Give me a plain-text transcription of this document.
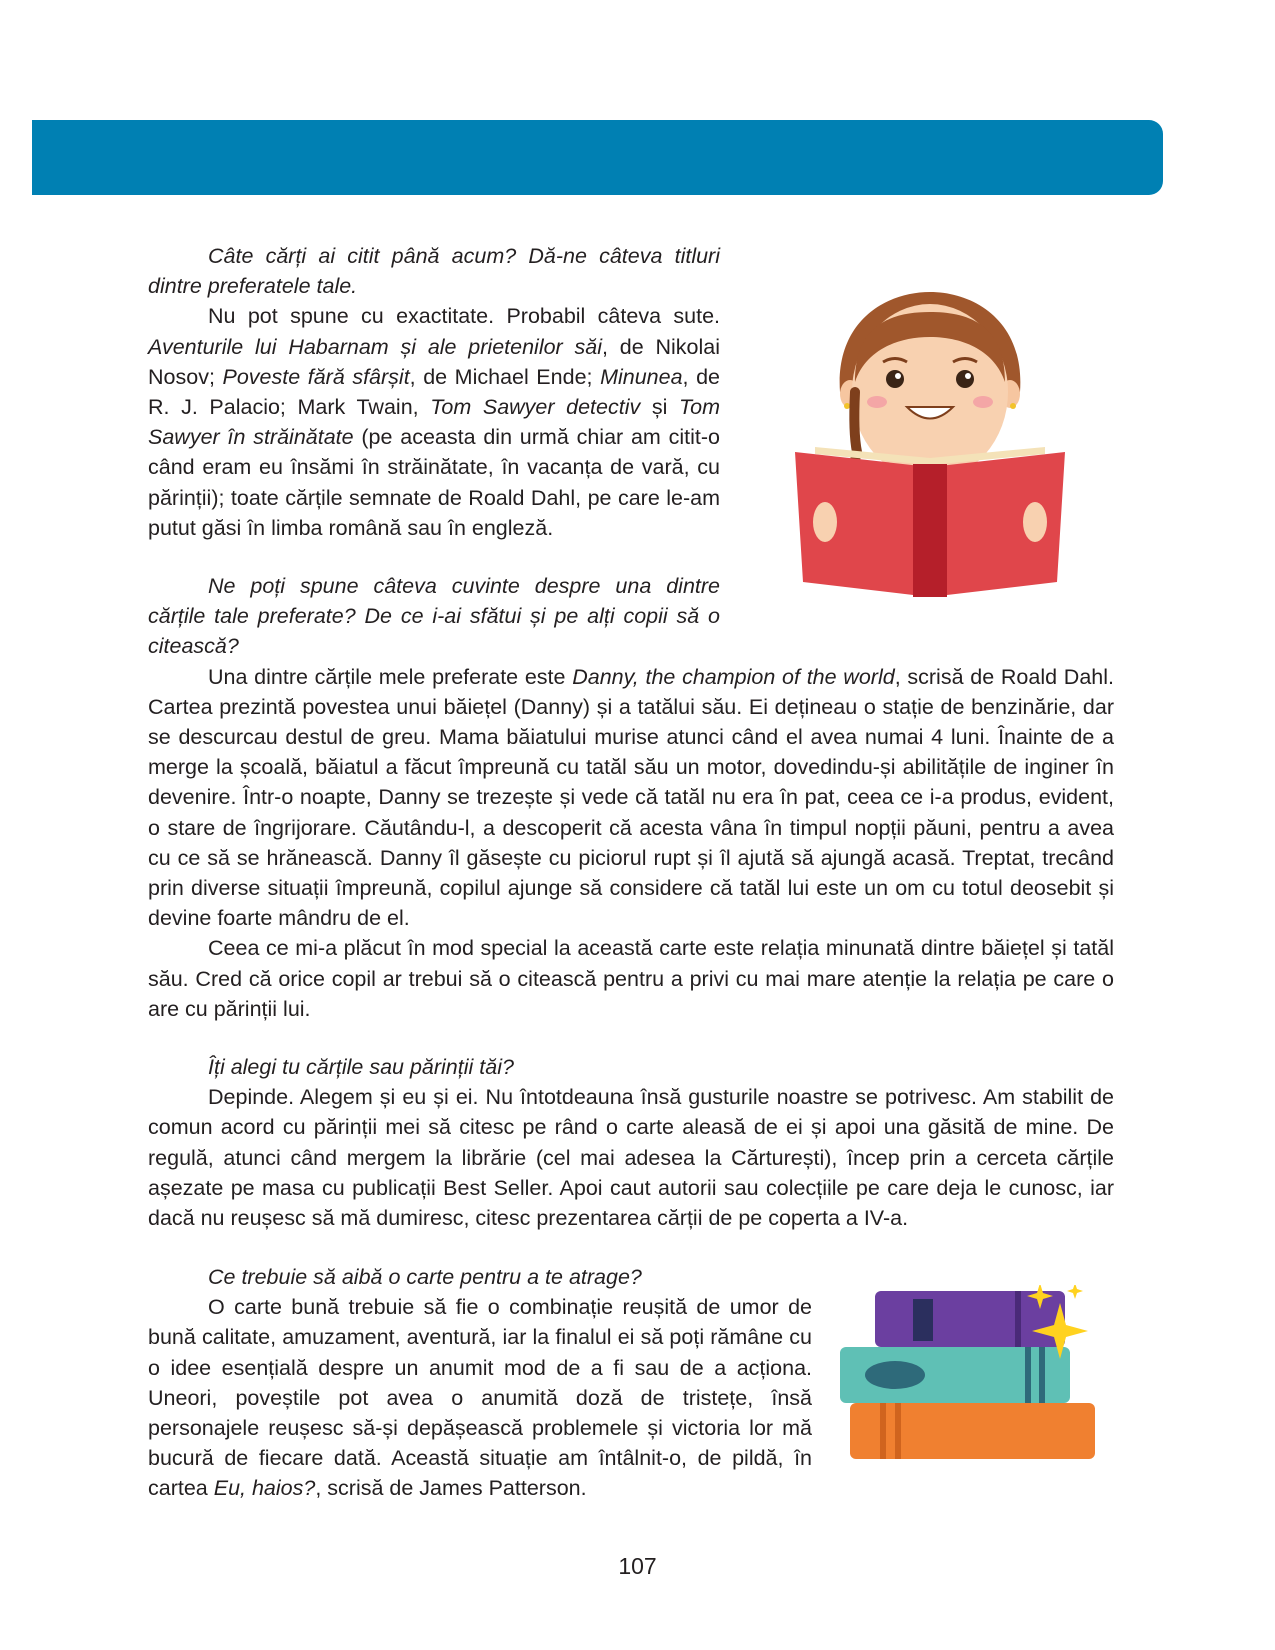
Câte cărți ai citit până acum? Dă-ne câteva titluri dintre preferatele tale.

Nu pot spune cu exactitate. Probabil câteva sute. Aventurile lui Habarnam și ale prietenilor săi, de Nikolai Nosov; Poveste fără sfârșit, de Michael Ende; Minunea, de R. J. Palacio; Mark Twain, Tom Sawyer detectiv și Tom Sawyer în străinătate (pe aceasta din urmă chiar am citit-o când eram eu însămi în străinătate, în vacanța de vară, cu părinții); toate cărțile semnate de Roald Dahl, pe care le-am putut găsi în limba română sau în engleză.

Ne poți spune câteva cuvinte despre una dintre cărțile tale preferate? De ce i-ai sfătui și pe alți copii să o citească?

Una dintre cărțile mele preferate este Danny, the champion of the world, scrisă de Roald Dahl. Cartea prezintă povestea unui băiețel (Danny) și a tatălui său. Ei dețineau o stație de benzinărie, dar se descurcau destul de greu. Mama băiatului murise atunci când el avea numai 4 luni. Înainte de a merge la școală, băiatul a făcut împreună cu tatăl său un motor, dovedindu-și abilitățile de inginer în devenire. Într-o noapte, Danny se trezește și vede că tatăl nu era în pat, ceea ce i-a produs, evident, o stare de îngrijorare. Căutându-l, a descoperit că acesta vâna în timpul nopții păuni, pentru a avea cu ce să se hrănească. Danny îl găsește cu piciorul rupt și îl ajută să ajungă acasă. Treptat, trecând prin diverse situații împreună, copilul ajunge să considere că tatăl lui este un om cu totul deosebit și devine foarte mândru de el.

Ceea ce mi-a plăcut în mod special la această carte este relația minunată dintre băiețel și tatăl său. Cred că orice copil ar trebui să o citească pentru a privi cu mai mare atenție la relația pe care o are cu părinții lui.

Îți alegi tu cărțile sau părinții tăi?

Depinde. Alegem și eu și ei. Nu întotdeauna însă gusturile noastre se potrivesc. Am stabilit de comun acord cu părinții mei să citesc pe rând o carte aleasă de ei și apoi una găsită de mine. De regulă, atunci când mergem la librărie (cel mai adesea la Cărturești), încep prin a cerceta cărțile așezate pe masa cu publicații Best Seller. Apoi caut autorii sau colecțiile pe care deja le cunosc, iar dacă nu reușesc să mă dumiresc, citesc prezentarea cărții de pe coperta a IV-a.

Ce trebuie să aibă o carte pentru a te atrage?

O carte bună trebuie să fie o combinație reușită de umor de bună calitate, amuzament, aventură, iar la finalul ei să poți rămâne cu o idee esențială despre un anumit mod de a fi sau de a acționa. Uneori, poveștile pot avea o anumită doză de tristețe, însă personajele reușesc să-și depășească problemele și victoria lor mă bucură de fiecare dată. Această situație am întâlnit-o, de pildă, în cartea Eu, haios?, scrisă de James Patterson.

107
